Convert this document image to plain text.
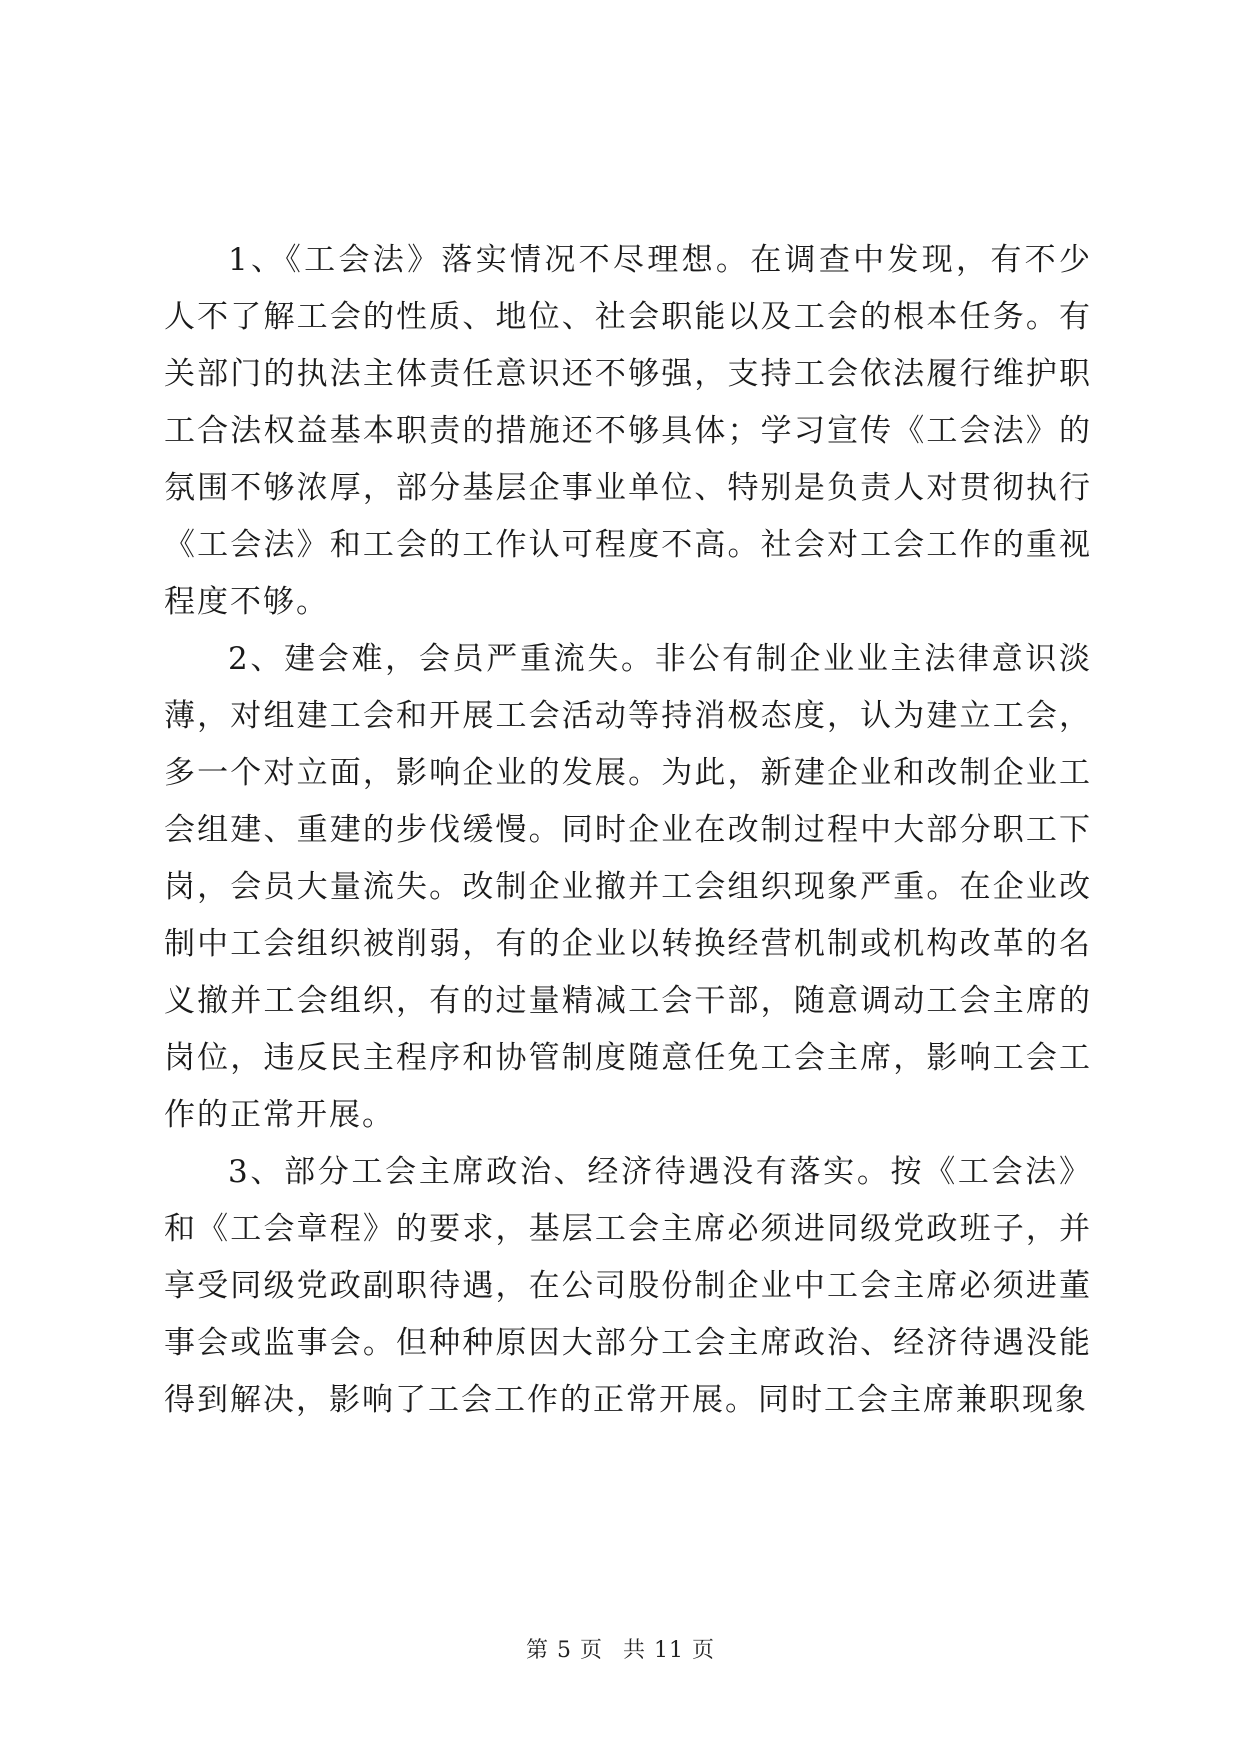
1、《工会法》落实情况不尽理想。在调查中发现，有不少人不了解工会的性质、地位、社会职能以及工会的根本任务。有关部门的执法主体责任意识还不够强，支持工会依法履行维护职工合法权益基本职责的措施还不够具体；学习宣传《工会法》的氛围不够浓厚，部分基层企事业单位、特别是负责人对贯彻执行《工会法》和工会的工作认可程度不高。社会对工会工作的重视程度不够。

2、建会难，会员严重流失。非公有制企业业主法律意识淡薄，对组建工会和开展工会活动等持消极态度，认为建立工会，多一个对立面，影响企业的发展。为此，新建企业和改制企业工会组建、重建的步伐缓慢。同时企业在改制过程中大部分职工下岗，会员大量流失。改制企业撤并工会组织现象严重。在企业改制中工会组织被削弱，有的企业以转换经营机制或机构改革的名义撤并工会组织，有的过量精减工会干部，随意调动工会主席的岗位，违反民主程序和协管制度随意任免工会主席，影响工会工作的正常开展。

3、部分工会主席政治、经济待遇没有落实。按《工会法》和《工会章程》的要求，基层工会主席必须进同级党政班子，并享受同级党政副职待遇，在公司股份制企业中工会主席必须进董事会或监事会。但种种原因大部分工会主席政治、经济待遇没能得到解决，影响了工会工作的正常开展。同时工会主席兼职现象

第 5 页 共 11 页
